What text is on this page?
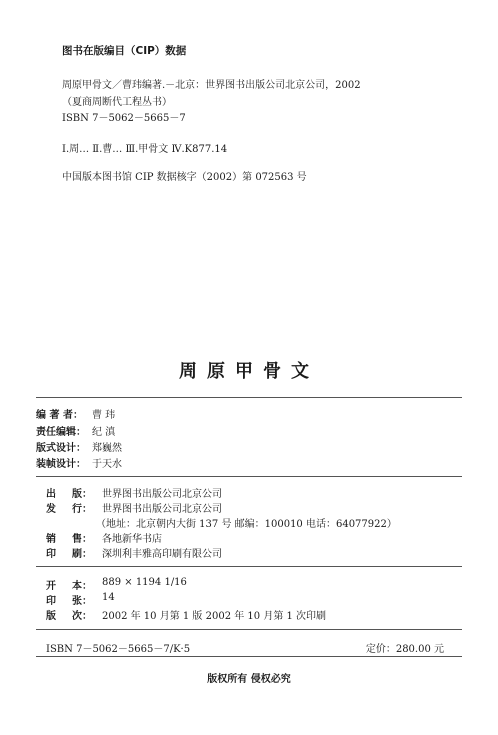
图书在版编目（CIP）数据
周原甲骨文／曹玮编著.－北京：世界图书出版公司北京公司，2002
（夏商周断代工程丛书）
ISBN 7－5062－5665－7
Ⅰ.周… Ⅱ.曹… Ⅲ.甲骨文 Ⅳ.K877.14
中国版本图书馆 CIP 数据核字（2002）第 072563 号
周原甲骨文
编 著 者： 曹 玮
责任编辑： 纪 滇
版式设计： 郑巍然
装帧设计： 于天水
出 版： 世界图书出版公司北京公司
发 行： 世界图书出版公司北京公司
（地址：北京朝内大街 137 号 邮编：100010 电话：64077922）
销 售： 各地新华书店
印 刷： 深圳利丰雅高印刷有限公司
开 本： 889 × 1194 1/16
印 张： 14
版 次： 2002 年 10 月第 1 版 2002 年 10 月第 1 次印刷
ISBN 7－5062－5665－7/K·5	定价：280.00 元
版权所有 侵权必究
